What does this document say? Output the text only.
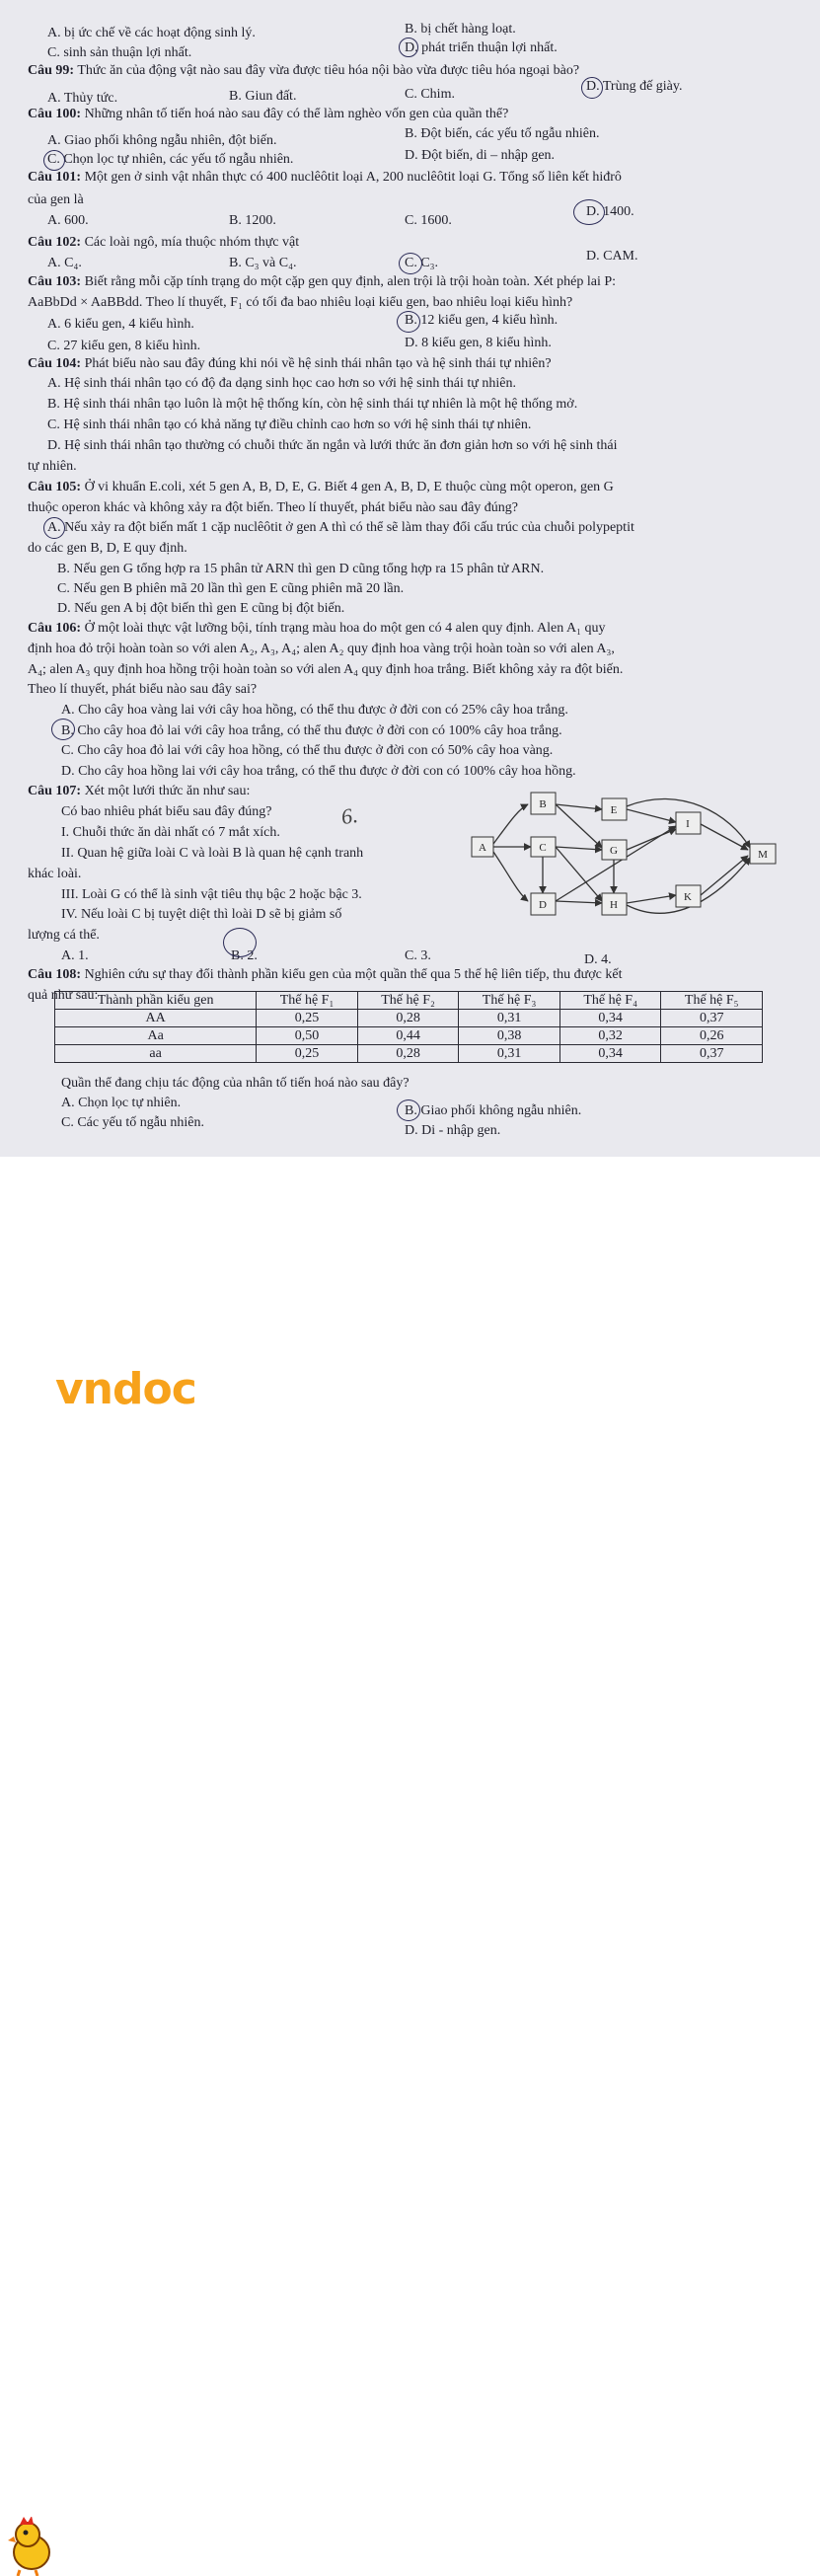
A. bị ức chế về các hoạt động sinh lý.	B. bị chết hàng loạt.
C. sinh sản thuận lợi nhất.	D. phát triển thuận lợi nhất.
Câu 99: Thức ăn của động vật nào sau đây vừa được tiêu hóa nội bào vừa được tiêu hóa ngoại bào?
A. Thủy tức.	B. Giun đất.	C. Chim.
D. Trùng đế giày.
Câu 100: Những nhân tố tiến hoá nào sau đây có thể làm nghèo vốn gen của quần thể?
A. Giao phối không ngẫu nhiên, đột biến.	B. Đột biến, các yếu tố ngẫu nhiên.
C. Chọn lọc tự nhiên, các yếu tố ngẫu nhiên.	D. Đột biến, di – nhập gen.
Câu 101: Một gen ở sinh vật nhân thực có 400 nuclêôtit loại A, 200 nuclêôtit loại G. Tổng số liên kết hiđrô
của gen là
A. 600.	B. 1200.	C. 1600.
D. 1400.
Câu 102: Các loài ngô, mía thuộc nhóm thực vật
A. C₄.	B. C₃ và C₄.	C. C₃.	D. CAM.
Câu 103: Biết rằng mỗi cặp tính trạng do một cặp gen quy định, alen trội là trội hoàn toàn. Xét phép lai P:
AaBbDd × AaBBdd. Theo lí thuyết, F₁ có tối đa bao nhiêu loại kiểu gen, bao nhiêu loại kiểu hình?
A. 6 kiểu gen, 4 kiểu hình.	B. 12 kiểu gen, 4 kiểu hình.
C. 27 kiểu gen, 8 kiểu hình.	D. 8 kiểu gen, 8 kiểu hình.
Câu 104: Phát biểu nào sau đây đúng khi nói về hệ sinh thái nhân tạo và hệ sinh thái tự nhiên?
A. Hệ sinh thái nhân tạo có độ đa dạng sinh học cao hơn so với hệ sinh thái tự nhiên.
B. Hệ sinh thái nhân tạo luôn là một hệ thống kín, còn hệ sinh thái tự nhiên là một hệ thống mở.
C. Hệ sinh thái nhân tạo có khả năng tự điều chỉnh cao hơn so với hệ sinh thái tự nhiên.
D. Hệ sinh thái nhân tạo thường có chuỗi thức ăn ngắn và lưới thức ăn đơn giản hơn so với hệ sinh thái
tự nhiên.
Câu 105: Ở vi khuẩn E.coli, xét 5 gen A, B, D, E, G. Biết 4 gen A, B, D, E thuộc cùng một operon, gen G
thuộc operon khác và không xảy ra đột biến. Theo lí thuyết, phát biểu nào sau đây đúng?
A. Nếu xảy ra đột biến mất 1 cặp nuclêôtit ở gen A thì có thể sẽ làm thay đổi cấu trúc của chuỗi polypeptit
do các gen B, D, E quy định.
B. Nếu gen G tổng hợp ra 15 phân tử ARN thì gen D cũng tổng hợp ra 15 phân tử ARN.
C. Nếu gen B phiên mã 20 lần thì gen E cũng phiên mã 20 lần.
D. Nếu gen A bị đột biến thì gen E cũng bị đột biến.
Câu 106: Ở một loài thực vật lưỡng bội, tính trạng màu hoa do một gen có 4 alen quy định. Alen A₁ quy
định hoa đỏ trội hoàn toàn so với alen A₂, A₃, A₄; alen A₂ quy định hoa vàng trội hoàn toàn so với alen A₃,
A₄; alen A₃ quy định hoa hồng trội hoàn toàn so với alen A₄ quy định hoa trắng. Biết không xảy ra đột biến.
Theo lí thuyết, phát biểu nào sau đây sai?
A. Cho cây hoa vàng lai với cây hoa hồng, có thể thu được ở đời con có 25% cây hoa trắng.
B. Cho cây hoa đỏ lai với cây hoa trắng, có thể thu được ở đời con có 100% cây hoa trắng.
C. Cho cây hoa đỏ lai với cây hoa hồng, có thể thu được ở đời con có 50% cây hoa vàng.
D. Cho cây hoa hồng lai với cây hoa trắng, có thể thu được ở đời con có 100% cây hoa hồng.
Câu 107: Xét một lưới thức ăn như sau:
Có bao nhiêu phát biểu sau đây đúng?
I. Chuỗi thức ăn dài nhất có 7 mắt xích.
II. Quan hệ giữa loài C và loài B là quan hệ cạnh tranh
khác loài.
III. Loài G có thể là sinh vật tiêu thụ bậc 2 hoặc bậc 3.
IV. Nếu loài C bị tuyệt diệt thì loài D sẽ bị giảm số
lượng cá thể.
A. 1.	B. 2.	C. 3.	D. 4.
Câu 108: Nghiên cứu sự thay đổi thành phần kiểu gen của một quần thể qua 5 thế hệ liên tiếp, thu được kết
quả như sau:
Quần thể đang chịu tác động của nhân tố tiến hoá nào sau đây?
A. Chọn lọc tự nhiên.
B. Giao phối không ngẫu nhiên.
C. Các yếu tố ngẫu nhiên.
D. Di - nhập gen.
6.
A
B
C
D
E
G
H
I
K
M
Thành phần kiểu gen	Thế hệ F₁	Thế hệ F₂	Thế hệ F₃	Thế hệ F₄	Thế hệ F₅
AA	0,25	0,28	0,31	0,34	0,37
Aa	0,50	0,44	0,38	0,32	0,26
aa	0,25	0,28	0,31	0,34	0,37
vndoc
